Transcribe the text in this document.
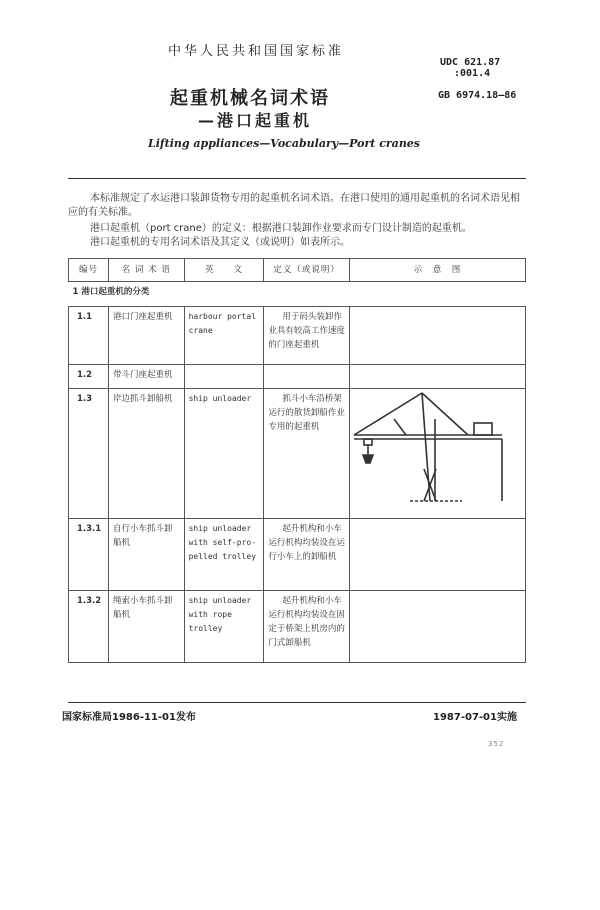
中华人民共和国国家标准
UDC 621.87
:001.4
GB 6974.18—86
起重机械名词术语
—港口起重机
Lifting appliances—Vocabulary—Port cranes
本标准规定了水运港口装卸货物专用的起重机名词术语。在港口使用的通用起重机的名词术语见相应的有关标准。
港口起重机（port crane）的定义：根据港口装卸作业要求而专门设计制造的起重机。
港口起重机的专用名词术语及其定义（或说明）如表所示。
编号	名 词 术 语	英　　文	定义（或说明）	示　意　图
1 港口起重机的分类				
1.1	港口门座起重机	harbour portal crane	用于码头装卸作业具有较高工作速度的门座起重机	
1.2	带斗门座起重机			
1.3	岸边抓斗卸船机	ship unloader	抓斗小车沿桥架运行的散货卸船作业专用的起重机	

1.3.1	自行小车抓斗卸船机	ship unloader with self-pro-pelled trolley	起升机构和小车运行机构均装设在运行小车上的卸船机	
1.3.2	绳索小车抓斗卸船机	ship unloader with rope trolley	起升机构和小车运行机构均装设在固定于桥架上机房内的门式卸船机	
国家标准局1986-11-01发布	1987-07-01实施
352
